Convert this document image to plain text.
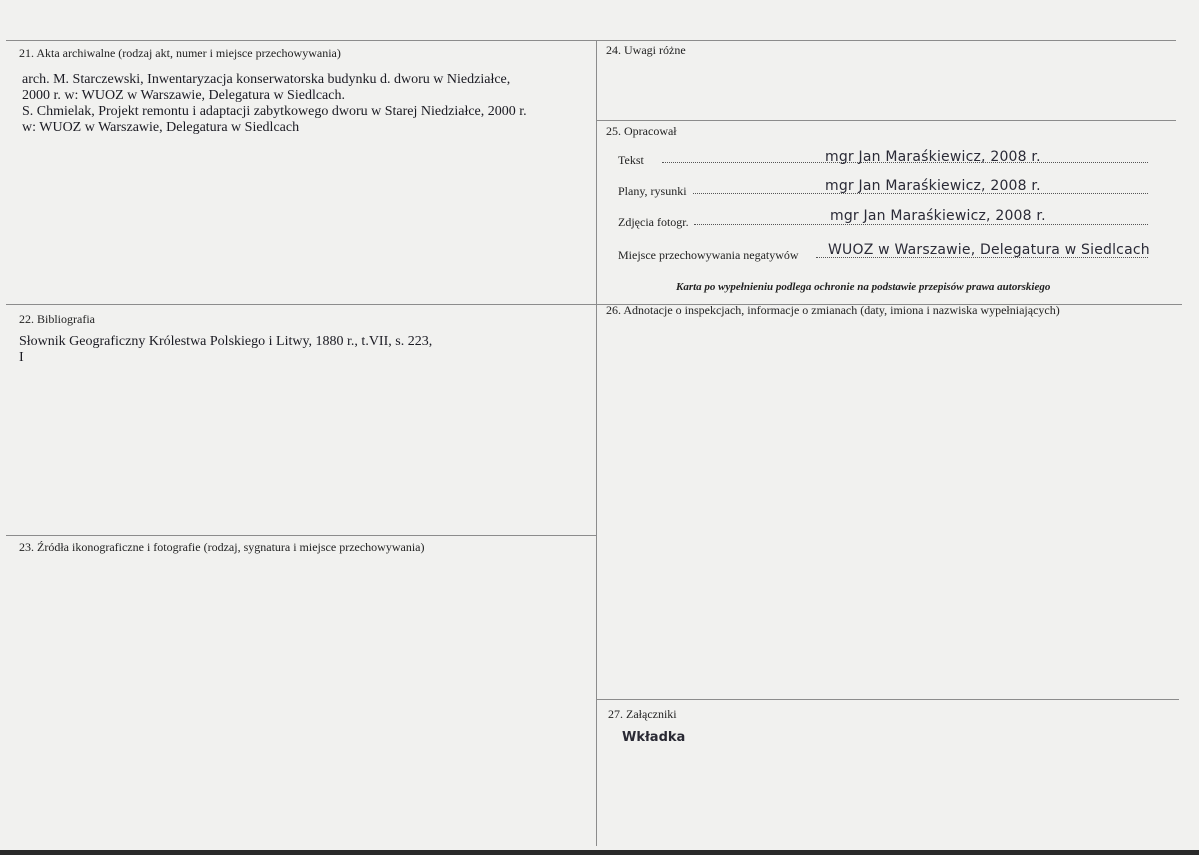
21. Akta archiwalne (rodzaj akt, numer i miejsce przechowywania)
arch. M. Starczewski, Inwentaryzacja konserwatorska budynku d. dworu w Niedziałce,
2000 r. w: WUOZ w Warszawie, Delegatura w Siedlcach.
S. Chmielak, Projekt remontu i adaptacji zabytkowego dworu w Starej Niedziałce, 2000 r.
w: WUOZ w Warszawie, Delegatura w Siedlcach
22. Bibliografia
Słownik Geograficzny Królestwa Polskiego i Litwy, 1880 r., t.VII, s. 223,
I
23. Źródła ikonograficzne i fotografie (rodzaj, sygnatura i miejsce przechowywania)
24. Uwagi różne
25. Opracował
Tekst	mgr Jan Maraśkiewicz, 2008 r.
Plany, rysunki	mgr Jan Maraśkiewicz, 2008 r.
Zdjęcia fotogr.	mgr Jan Maraśkiewicz, 2008 r.
Miejsce przechowywania negatywów WUOZ w Warszawie, Delegatura w Siedlcach
Karta po wypełnieniu podlega ochronie na podstawie przepisów prawa autorskiego
26. Adnotacje o inspekcjach, informacje o zmianach (daty, imiona i nazwiska wypełniających)
27. Załączniki
Wkładka
